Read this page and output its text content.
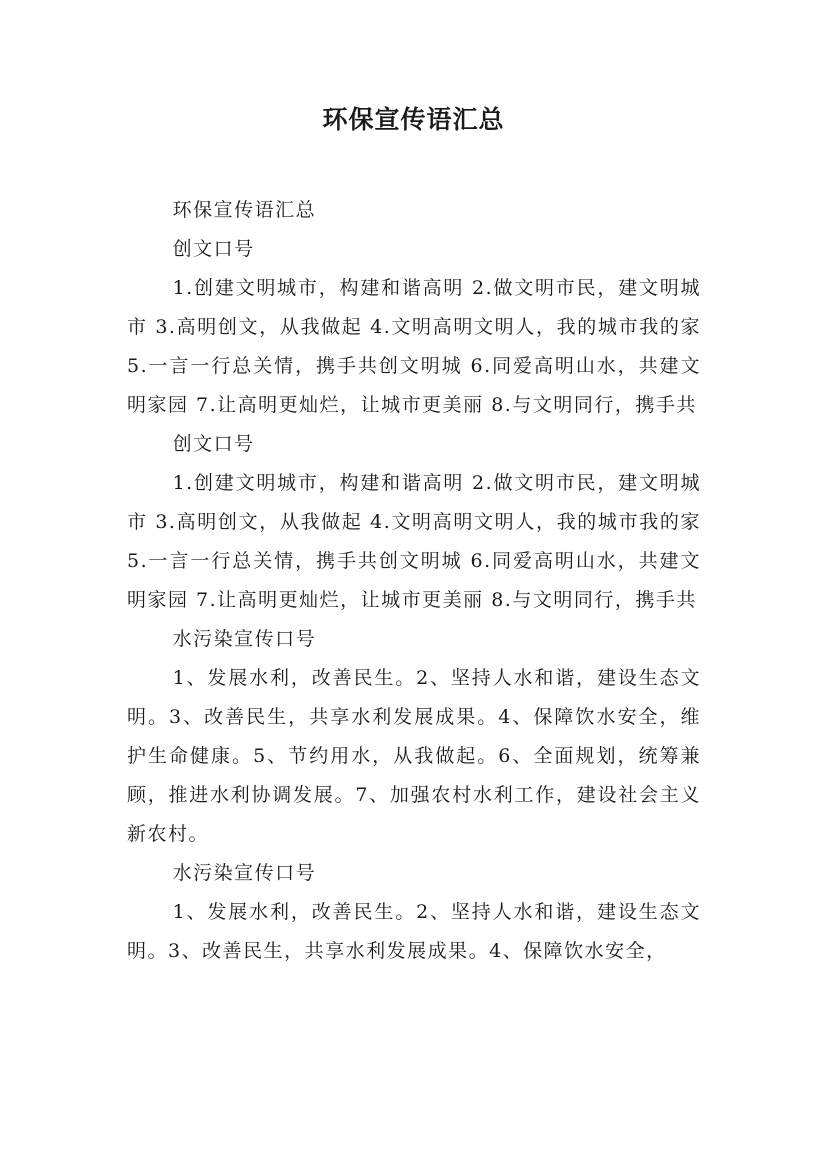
环保宣传语汇总

环保宣传语汇总

创文口号

1.创建文明城市，构建和谐高明 2.做文明市民，建文明城市 3.高明创文，从我做起 4.文明高明文明人，我的城市我的家 5.一言一行总关情，携手共创文明城 6.同爱高明山水，共建文明家园 7.让高明更灿烂，让城市更美丽 8.与文明同行，携手共

创文口号

1.创建文明城市，构建和谐高明 2.做文明市民，建文明城市 3.高明创文，从我做起 4.文明高明文明人，我的城市我的家 5.一言一行总关情，携手共创文明城 6.同爱高明山水，共建文明家园 7.让高明更灿烂，让城市更美丽 8.与文明同行，携手共

水污染宣传口号

1、发展水利，改善民生。2、坚持人水和谐，建设生态文明。3、改善民生，共享水利发展成果。4、保障饮水安全，维护生命健康。5、节约用水，从我做起。6、全面规划，统筹兼顾，推进水利协调发展。7、加强农村水利工作，建设社会主义新农村。

水污染宣传口号

1、发展水利，改善民生。2、坚持人水和谐，建设生态文明。3、改善民生，共享水利发展成果。4、保障饮水安全，
